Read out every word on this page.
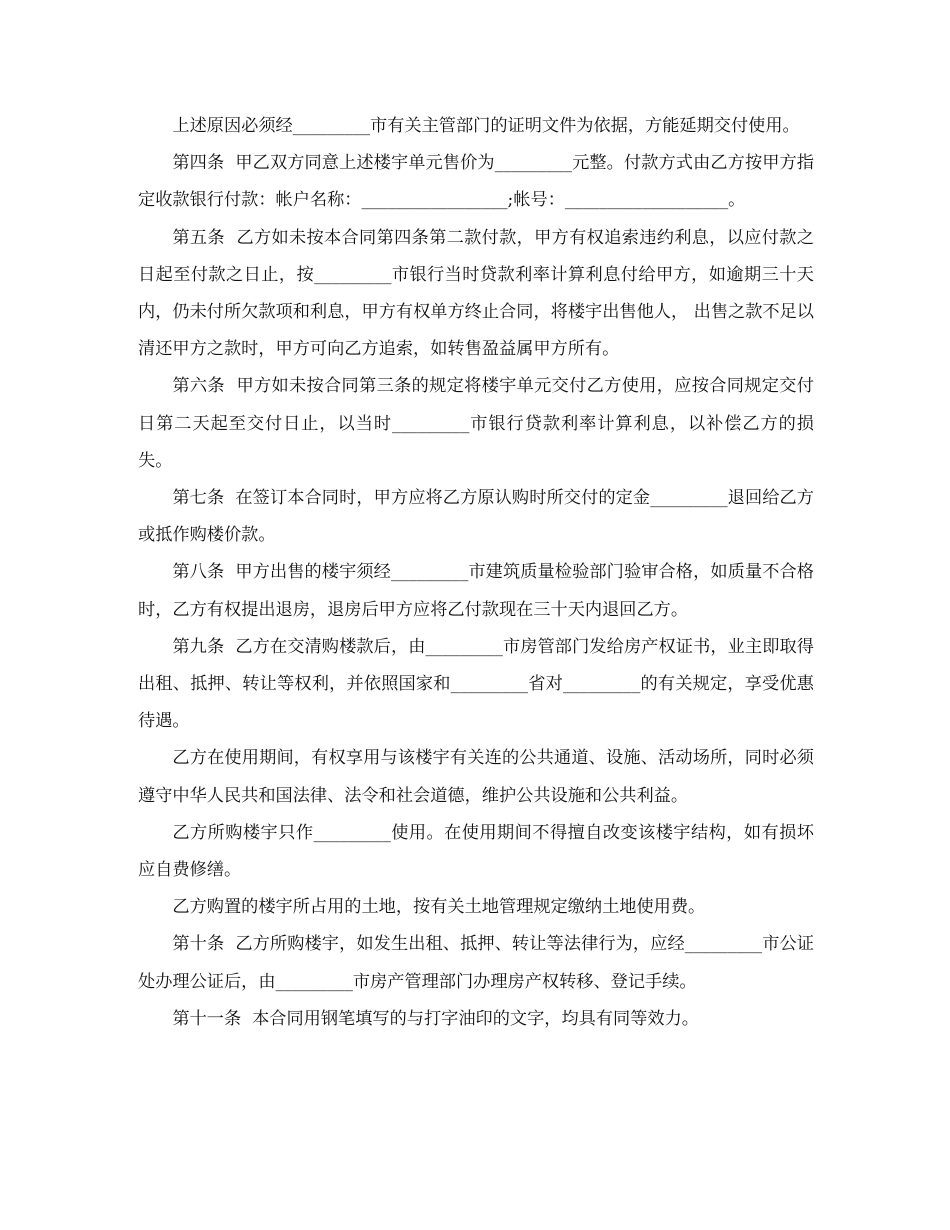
上述原因必须经_________市有关主管部门的证明文件为依据，方能延期交付使用。

第四条  甲乙双方同意上述楼宇单元售价为_________元整。付款方式由乙方按甲方指定收款银行付款：帐户名称：_________________;帐号：___________________。

第五条  乙方如未按本合同第四条第二款付款，甲方有权追索违约利息，以应付款之日起至付款之日止，按_________市银行当时贷款利率计算利息付给甲方，如逾期三十天内，仍未付所欠款项和利息，甲方有权单方终止合同，将楼宇出售他人， 出售之款不足以清还甲方之款时，甲方可向乙方追索，如转售盈益属甲方所有。

第六条  甲方如未按合同第三条的规定将楼宇单元交付乙方使用，应按合同规定交付日第二天起至交付日止，以当时_________市银行贷款利率计算利息，以补偿乙方的损失。

第七条  在签订本合同时，甲方应将乙方原认购时所交付的定金_________退回给乙方或抵作购楼价款。

第八条  甲方出售的楼宇须经_________市建筑质量检验部门验审合格，如质量不合格时，乙方有权提出退房，退房后甲方应将乙付款现在三十天内退回乙方。

第九条  乙方在交清购楼款后，由_________市房管部门发给房产权证书，业主即取得出租、抵押、转让等权利，并依照国家和_________省对_________的有关规定，享受优惠待遇。

乙方在使用期间，有权享用与该楼宇有关连的公共通道、设施、活动场所，同时必须遵守中华人民共和国法律、法令和社会道德，维护公共设施和公共利益。

乙方所购楼宇只作_________使用。在使用期间不得擅自改变该楼宇结构，如有损坏应自费修缮。

乙方购置的楼宇所占用的土地，按有关土地管理规定缴纳土地使用费。

第十条  乙方所购楼宇，如发生出租、抵押、转让等法律行为，应经_________市公证处办理公证后，由_________市房产管理部门办理房产权转移、登记手续。

第十一条  本合同用钢笔填写的与打字油印的文字，均具有同等效力。
